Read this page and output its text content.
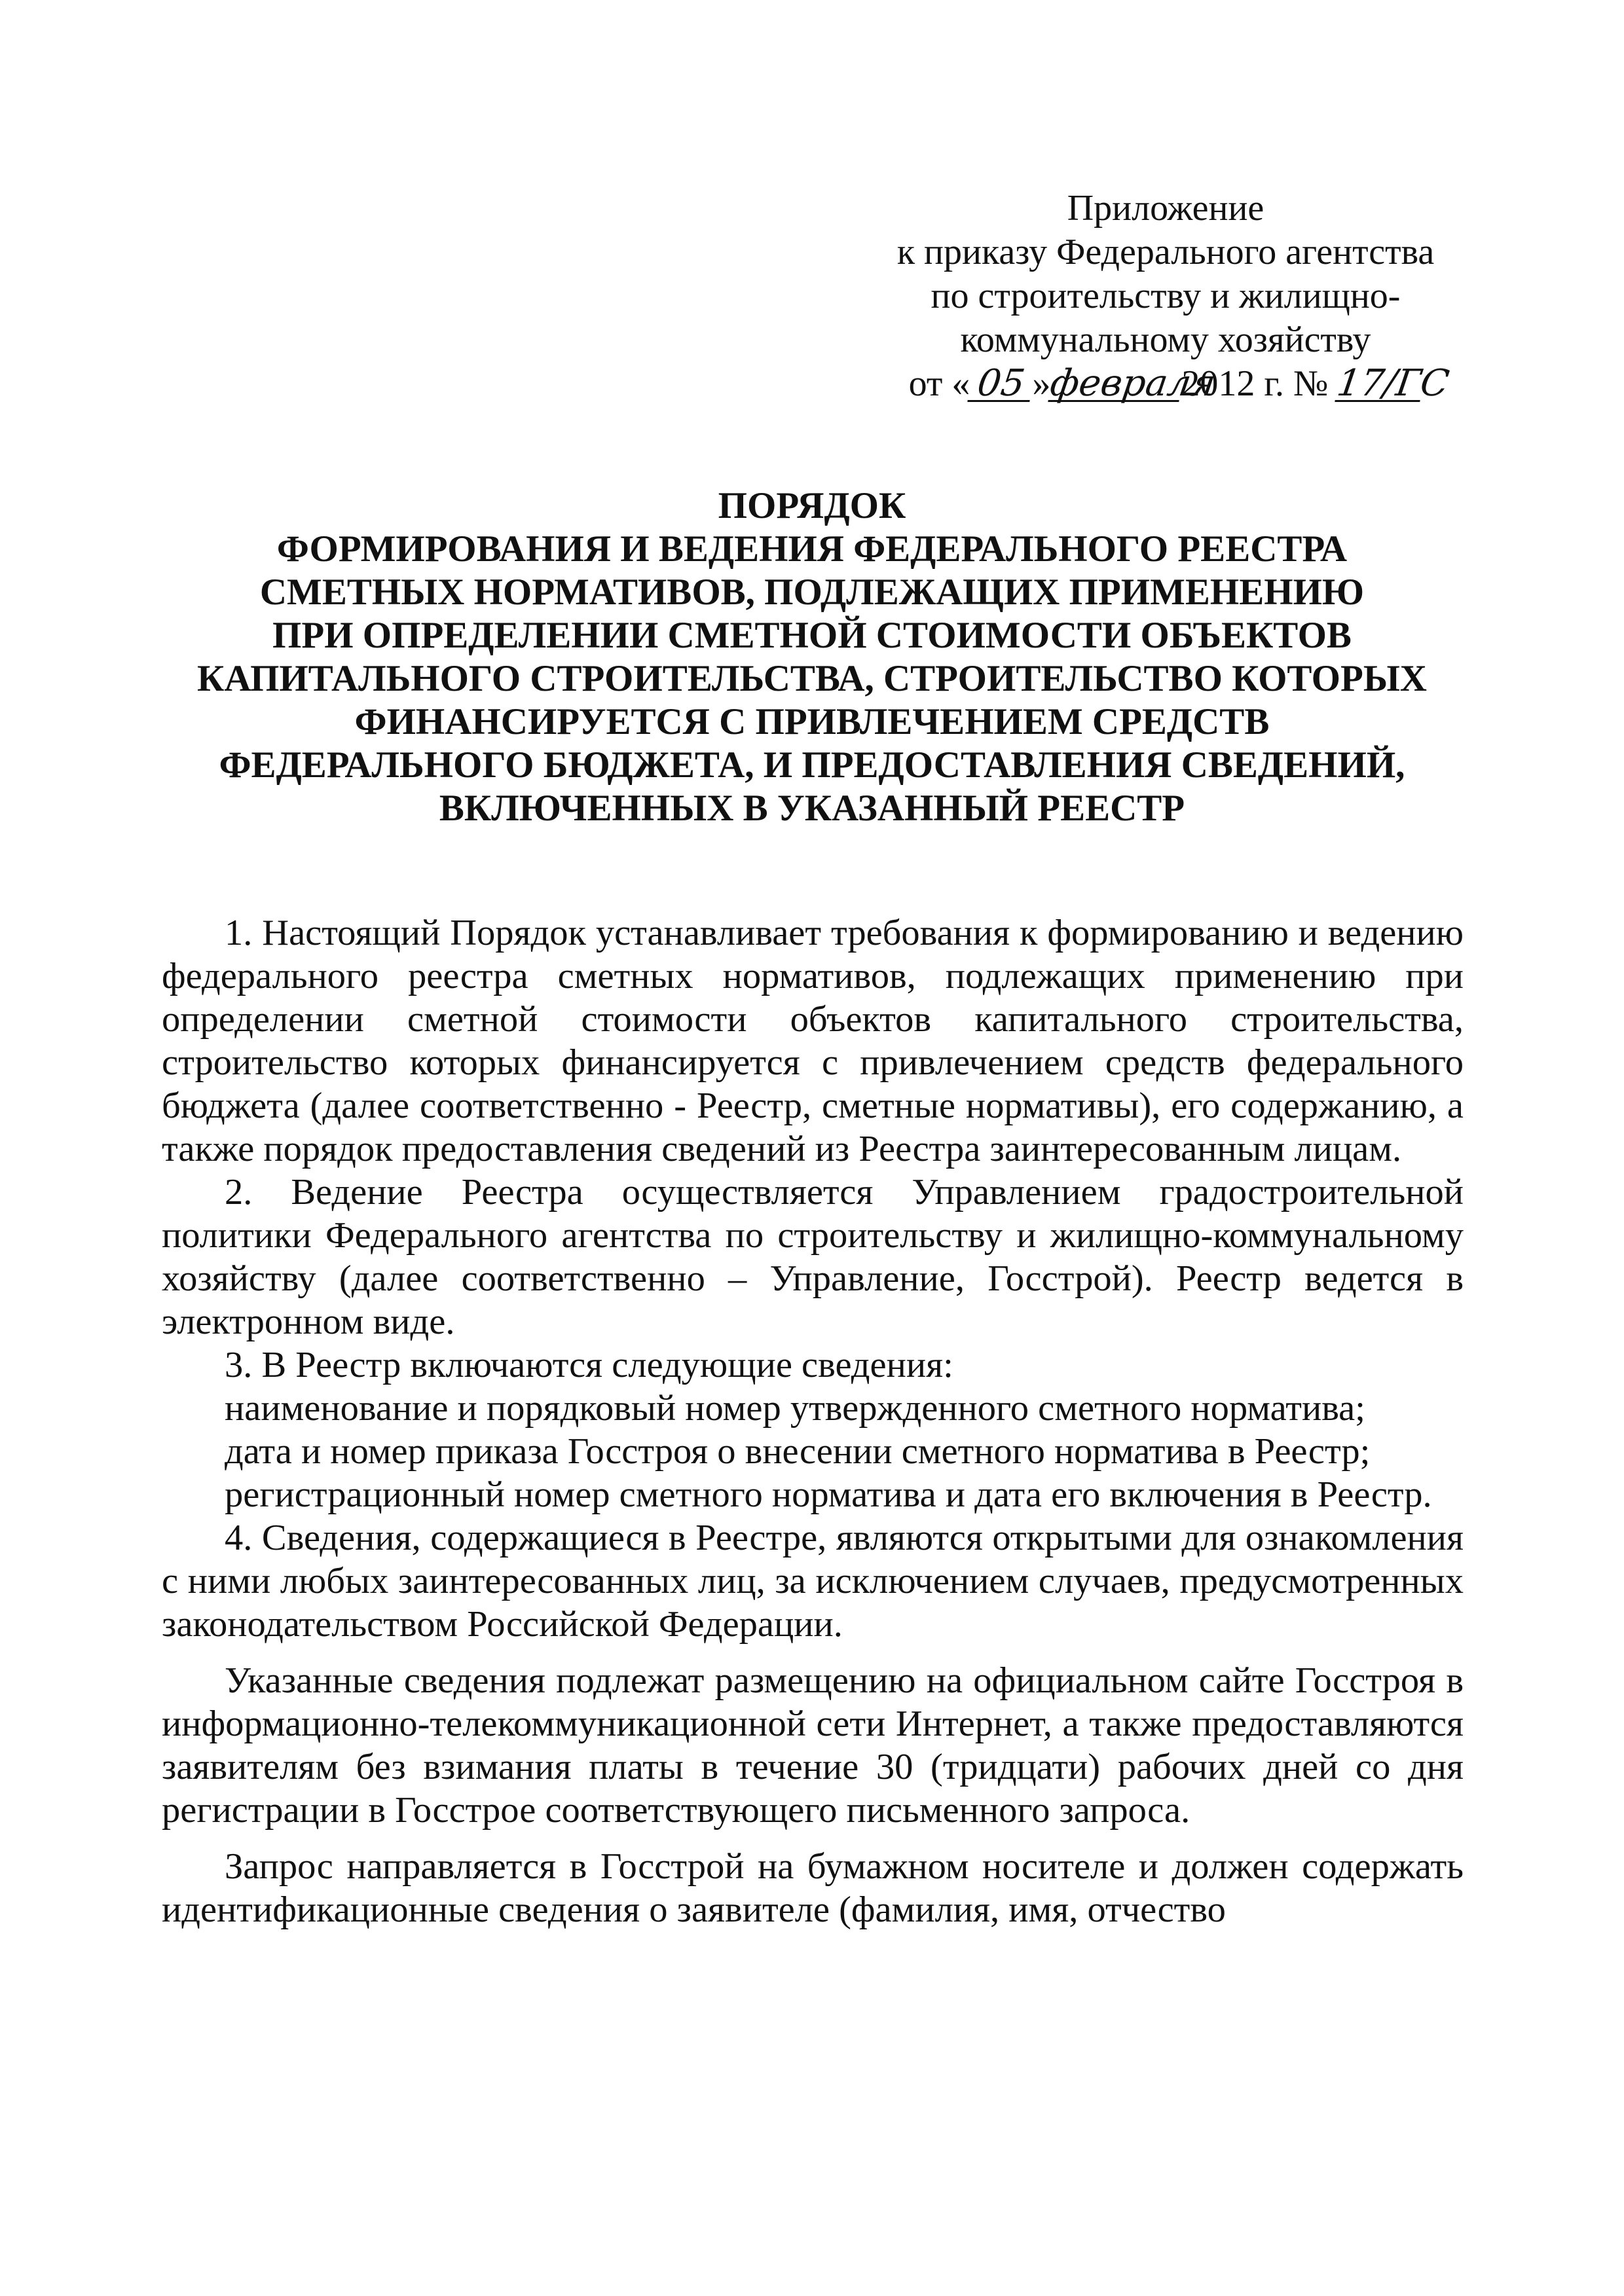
Приложение
к приказу Федерального агентства
по строительству и жилищно-
коммунальному хозяйству
от « 05 »февраля2012 г. № 17/ГС
ПОРЯДОК
ФОРМИРОВАНИЯ И ВЕДЕНИЯ ФЕДЕРАЛЬНОГО РЕЕСТРА
СМЕТНЫХ НОРМАТИВОВ, ПОДЛЕЖАЩИХ ПРИМЕНЕНИЮ
ПРИ ОПРЕДЕЛЕНИИ СМЕТНОЙ СТОИМОСТИ ОБЪЕКТОВ
КАПИТАЛЬНОГО СТРОИТЕЛЬСТВА, СТРОИТЕЛЬСТВО КОТОРЫХ
ФИНАНСИРУЕТСЯ С ПРИВЛЕЧЕНИЕМ СРЕДСТВ
ФЕДЕРАЛЬНОГО БЮДЖЕТА, И ПРЕДОСТАВЛЕНИЯ СВЕДЕНИЙ,
ВКЛЮЧЕННЫХ В УКАЗАННЫЙ РЕЕСТР

1. Настоящий Порядок устанавливает требования к формированию и ведению федерального реестра сметных нормативов, подлежащих применению при определении сметной стоимости объектов капитального строительства, строительство которых финансируется с привлечением средств федерального бюджета (далее соответственно - Реестр, сметные нормативы), его содержанию, а также порядок предоставления сведений из Реестра заинтересованным лицам.

2. Ведение Реестра осуществляется Управлением градостроительной политики Федерального агентства по строительству и жилищно-коммунальному хозяйству (далее соответственно – Управление, Госстрой). Реестр ведется в электронном виде.

3. В Реестр включаются следующие сведения:

наименование и порядковый номер утвержденного сметного норматива;

дата и номер приказа Госстроя о внесении сметного норматива в Реестр;

регистрационный номер сметного норматива и дата его включения в Реестр.

4. Сведения, содержащиеся в Реестре, являются открытыми для ознакомления с ними любых заинтересованных лиц, за исключением случаев, предусмотренных законодательством Российской Федерации.

Указанные сведения подлежат размещению на официальном сайте Госстроя в информационно-телекоммуникационной сети Интернет, а также предоставляются заявителям без взимания платы в течение 30 (тридцати) рабочих дней со дня регистрации в Госстрое соответствующего письменного запроса.

Запрос направляется в Госстрой на бумажном носителе и должен содержать идентификационные сведения о заявителе (фамилия, имя, отчество
